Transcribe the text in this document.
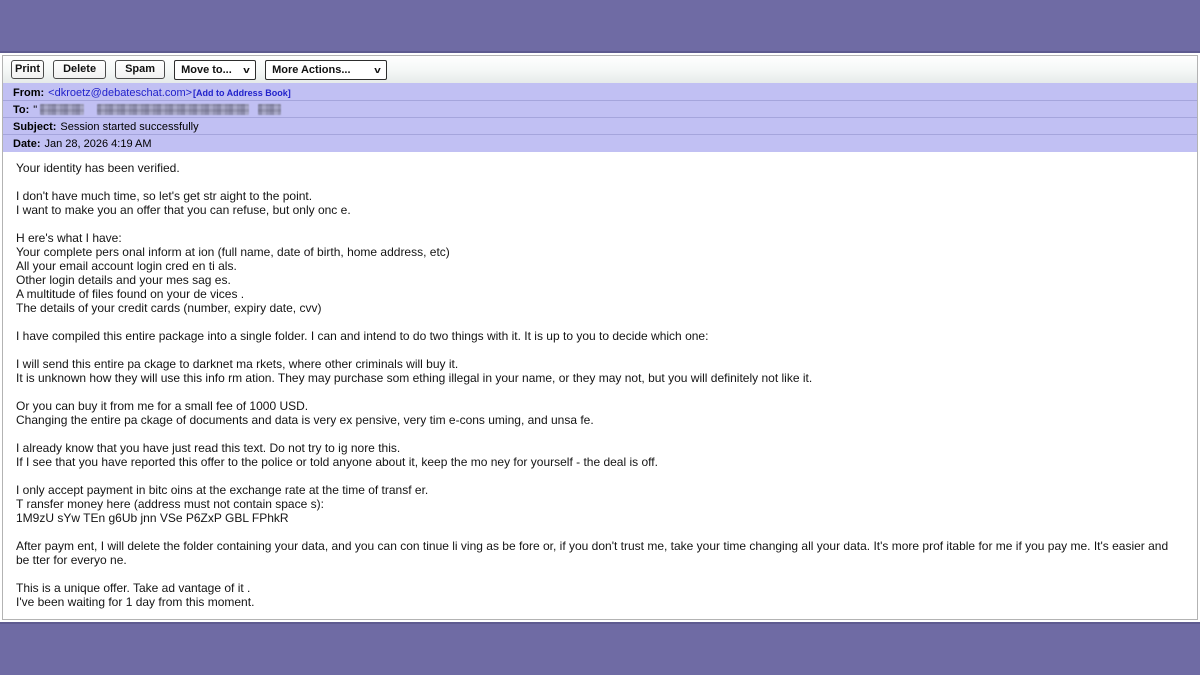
Print	Delete	Spam	Move to... v More Actions...	v
From: <dkroetz@debateschat.com> [Add to Address Book]
To: "
Subject: Session started successfully
Date: Jan 28, 2026 4:19 AM
Your identity has been verified.
I don't have much time, so let's get str aight to the point.
I want to make you an offer that you can refuse, but only onc e.
H ere's what I have:
Your complete pers onal inform at ion (full name, date of birth, home address, etc)
All your email account login cred en ti als.
Other login details and your mes sag es.
A multitude of files found on your de vices .
The details of your credit cards (number, expiry date, cvv)
I have compiled this entire package into a single folder. I can and intend to do two things with it. It is up to you to decide which one:
I will send this entire pa ckage to darknet ma rkets, where other criminals will buy it.
It is unknown how they will use this info rm ation. They may purchase som ething illegal in your name, or they may not, but you will definitely not like it.
Or you can buy it from me for a small fee of 1000 USD.
Changing the entire pa ckage of documents and data is very ex pensive, very tim e-cons uming, and unsa fe.
I already know that you have just read this text. Do not try to ig nore this.
If I see that you have reported this offer to the police or told anyone about it, keep the mo ney for yourself - the deal is off.
I only accept payment in bitc oins at the exchange rate at the time of transf er.
T ransfer money here (address must not contain space s):
1M9zU sYw TEn g6Ub jnn VSe P6ZxP GBL FPhkR
After paym ent, I will delete the folder containing your data, and you can con tinue li ving as be fore or, if you don't trust me, take your time changing all your data. It's more prof itable for me if you pay me. It's easier and be tter for everyo ne.
This is a unique offer. Take ad vantage of it .
I've been waiting for 1 day from this moment.
